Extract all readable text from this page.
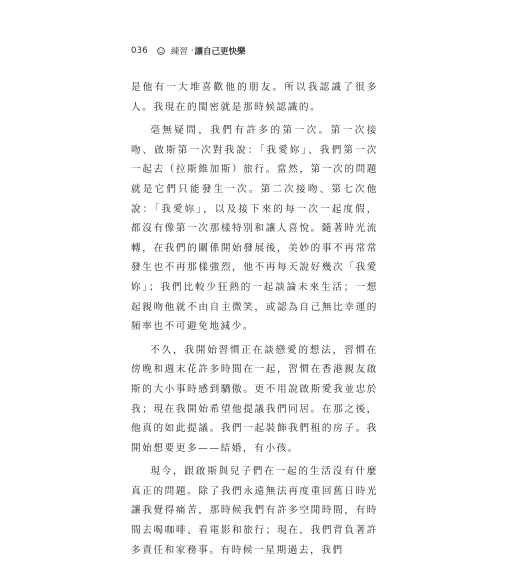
036	練習 · 讓自己更快樂

是他有一大堆喜歡他的朋友。所以我認識了很多人。我現在的閨密就是那時候認識的。

毫無疑問，我們有許多的第一次。第一次接吻、啟斯第一次對我說：「我愛妳」、我們第一次一起去（拉斯維加斯）旅行。當然，第一次的問題就是它們只能發生一次。第二次接吻、第七次他說：「我愛妳」，以及接下來的每一次一起度假，都沒有像第一次那樣特別和讓人喜悅。隨著時光流轉，在我們的關係開始發展後，美妙的事不再常常發生也不再那樣強烈，他不再每天說好幾次「我愛妳」；我們比較少狂熱的一起談論未來生活；一想起親吻他就不由自主微笑，或認為自己無比幸運的頻率也不可避免地減少。

不久，我開始習慣正在談戀愛的想法，習慣在傍晚和週末花許多時間在一起，習慣在香港親友啟斯的大小事時感到驕傲。更不用說啟斯愛我並忠於我；現在我開始希望他提議我們同居。在那之後，他真的如此提議。我們一起裝飾我們租的房子。我開始想要更多——結婚，有小孩。

現今，跟啟斯與兒子們在一起的生活沒有什麼真正的問題。除了我們永遠無法再度重回舊日時光讓我覺得痛苦，那時候我們有許多空閒時間，有時間去喝咖啡、看電影和旅行；現在，我們背負著許多責任和家務事。有時候一星期過去，我們
